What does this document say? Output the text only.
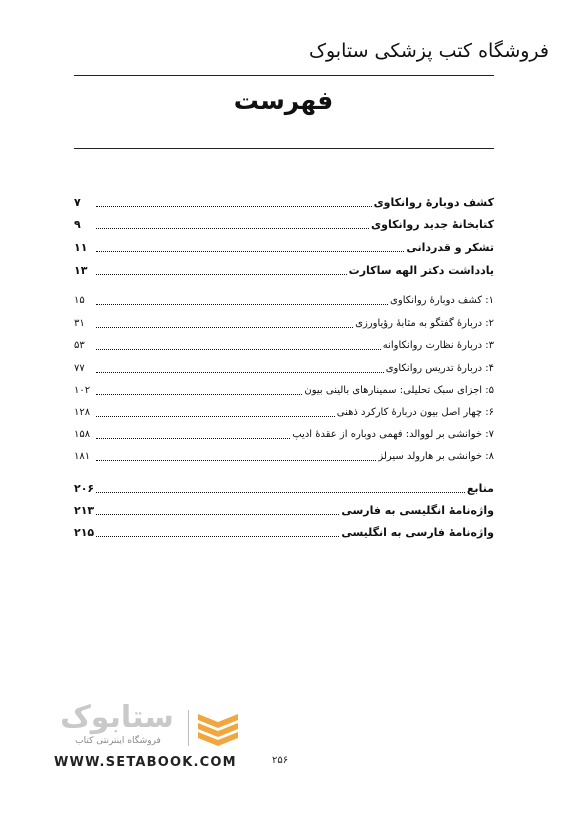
فروشگاه کتب پزشکی ستابوک
فهرست
کشف دوبارۀ روانکاوی
۷
کتابخانۀ جدید روانکاوی
۹
تشکر و قدردانی
۱۱
یادداشت دکتر الهه ساکارت
۱۳
۱: کشف دوبارۀ روانکاوی
۱۵
۲: دربارۀ گفتگو به مثابۀ رؤیاورزی
۳۱
۳: دربارۀ نظارت روانکاوانه
۵۳
۴: دربارۀ تدریس روانکاوی
۷۷
۵: اجزای سبک تحلیلی: سمینارهای بالینی بیون
۱۰۲
۶: چهار اصل بیون دربارۀ کارکرد ذهنی
۱۲۸
۷: خوانشی بر لووالد: فهمی دوباره از عقدۀ ادیپ
۱۵۸
۸: خوانشی بر هارولد سیرلز
۱۸۱
منابع
۲۰۶
واژه‌نامۀ انگلیسی به فارسی
۲۱۳
واژه‌نامۀ فارسی به انگلیسی
۲۱۵
ستابوک
فروشگاه اینترنتی کتاب
WWW.SETABOOK.COM	۲۵۶
